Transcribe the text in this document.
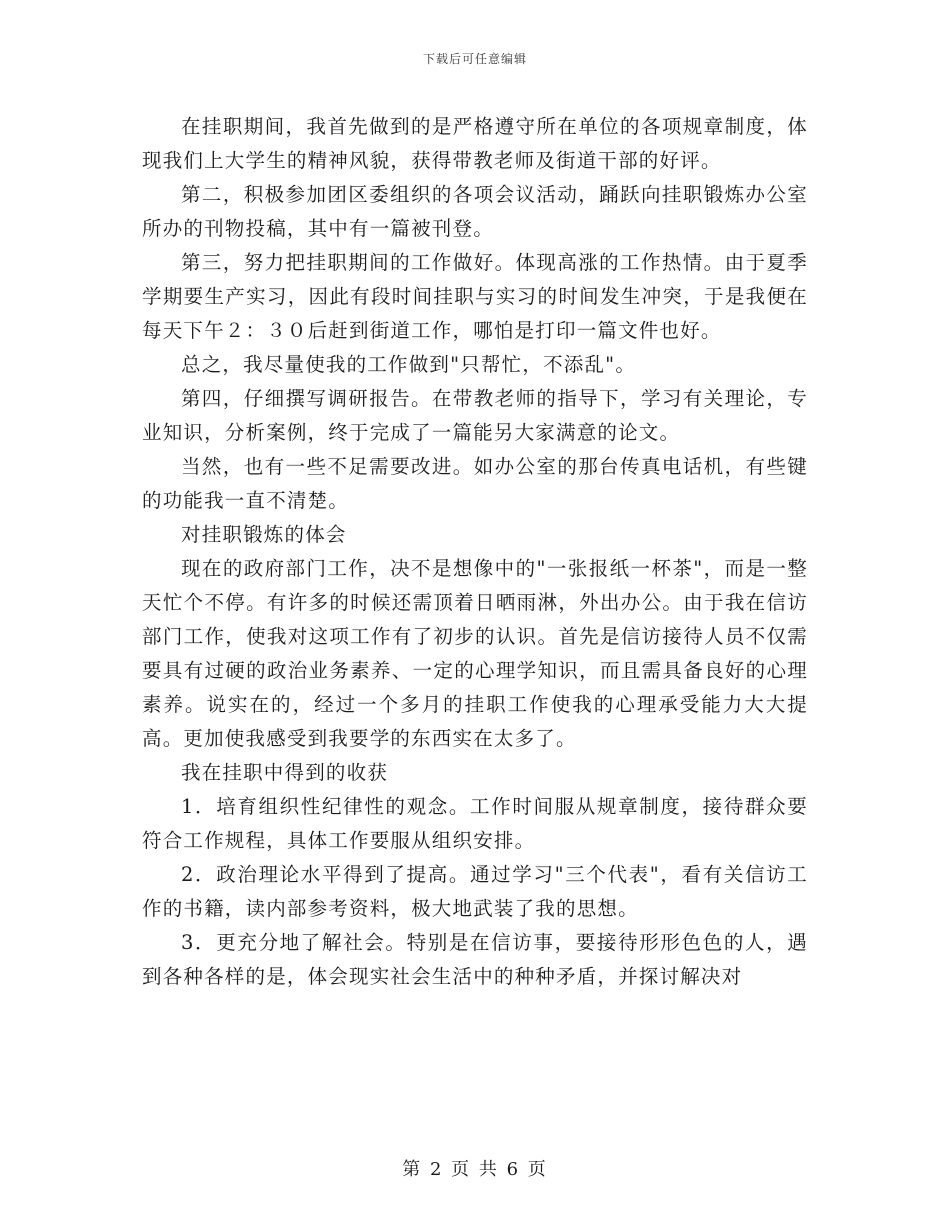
下载后可任意编辑

在挂职期间，我首先做到的是严格遵守所在单位的各项规章制度，体现我们上大学生的精神风貌，获得带教老师及街道干部的好评。

第二，积极参加团区委组织的各项会议活动，踊跃向挂职锻炼办公室所办的刊物投稿，其中有一篇被刊登。

第三，努力把挂职期间的工作做好。体现高涨的工作热情。由于夏季学期要生产实习，因此有段时间挂职与实习的时间发生冲突，于是我便在每天下午２：３０后赶到街道工作，哪怕是打印一篇文件也好。

总之，我尽量使我的工作做到"只帮忙，不添乱"。

第四，仔细撰写调研报告。在带教老师的指导下，学习有关理论，专业知识，分析案例，终于完成了一篇能另大家满意的论文。

当然，也有一些不足需要改进。如办公室的那台传真电话机，有些键的功能我一直不清楚。

对挂职锻炼的体会

现在的政府部门工作，决不是想像中的"一张报纸一杯茶"，而是一整天忙个不停。有许多的时候还需顶着日晒雨淋，外出办公。由于我在信访部门工作，使我对这项工作有了初步的认识。首先是信访接待人员不仅需要具有过硬的政治业务素养、一定的心理学知识，而且需具备良好的心理素养。说实在的，经过一个多月的挂职工作使我的心理承受能力大大提高。更加使我感受到我要学的东西实在太多了。

我在挂职中得到的收获

1．培育组织性纪律性的观念。工作时间服从规章制度，接待群众要符合工作规程，具体工作要服从组织安排。

2．政治理论水平得到了提高。通过学习"三个代表"，看有关信访工作的书籍，读内部参考资料，极大地武装了我的思想。

3．更充分地了解社会。特别是在信访事，要接待形形色色的人，遇到各种各样的是，体会现实社会生活中的种种矛盾，并探讨解决对

第 2 页 共 6 页
